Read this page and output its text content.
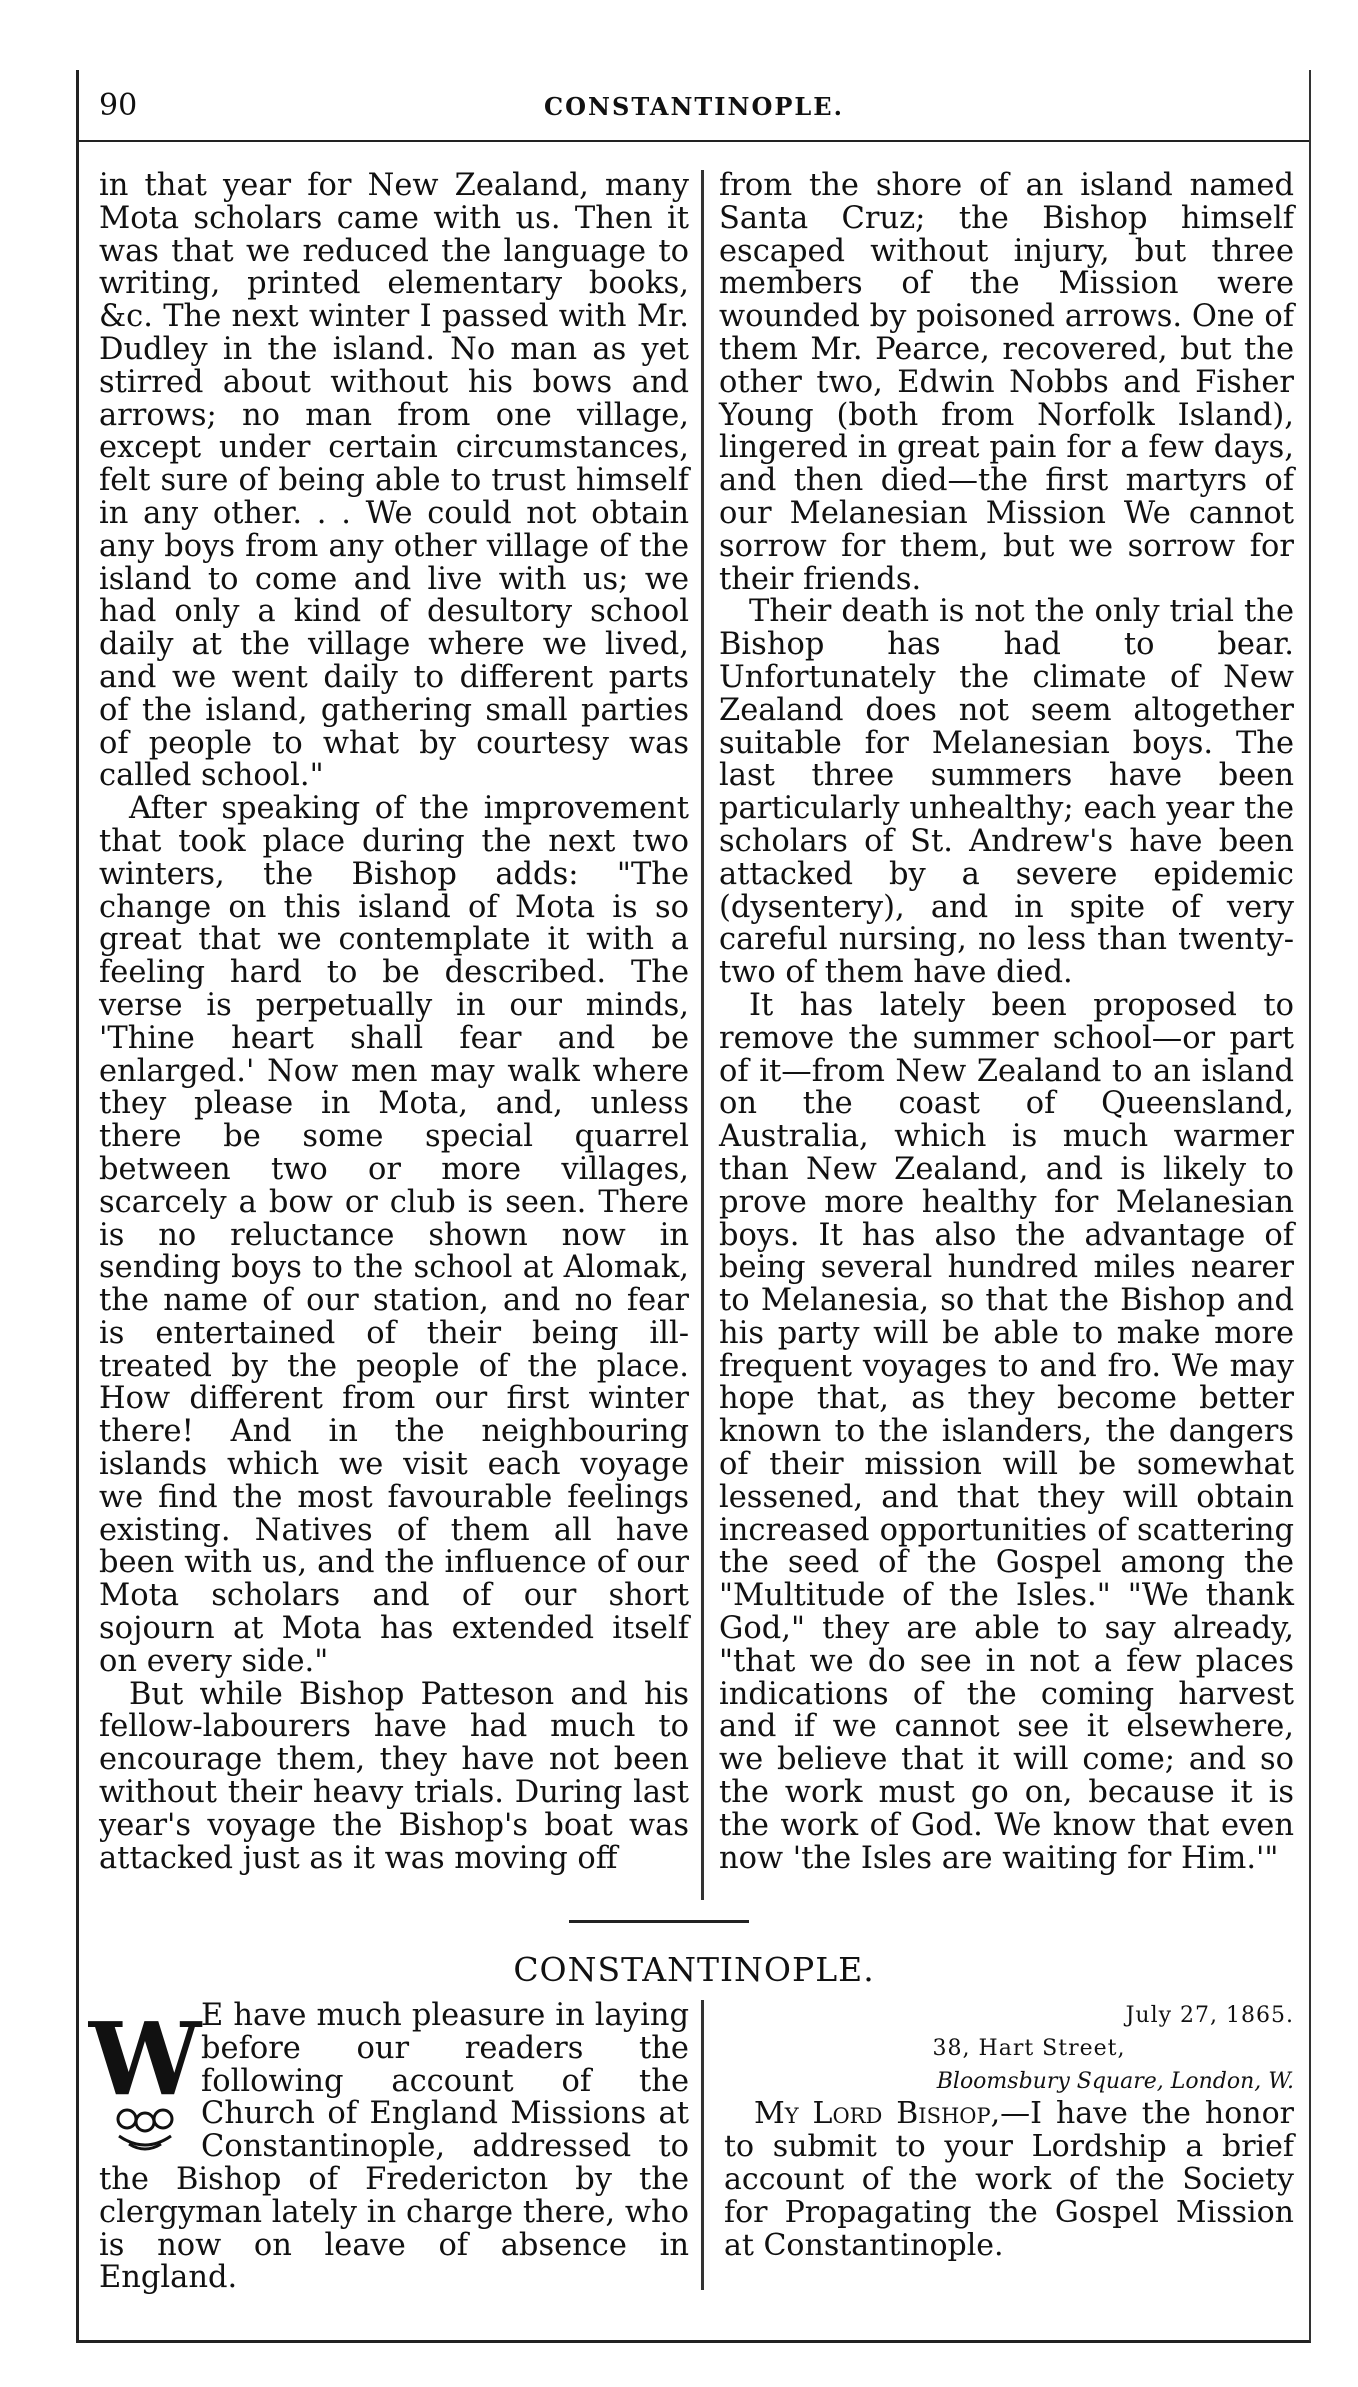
90	CONSTANTINOPLE.

in that year for New Zealand, many Mota scholars came with us. Then it was that we reduced the language to writing, printed elementary books, &c. The next winter I passed with Mr. Dudley in the island. No man as yet stirred about without his bows and arrows; no man from one village, except under certain circumstances, felt sure of being able to trust himself in any other. . . We could not obtain any boys from any other village of the island to come and live with us; we had only a kind of desultory school daily at the village where we lived, and we went daily to different parts of the island, gathering small parties of people to what by courtesy was called school."

After speaking of the improvement that took place during the next two winters, the Bishop adds: "The change on this island of Mota is so great that we contemplate it with a feeling hard to be described. The verse is perpetually in our minds, 'Thine heart shall fear and be enlarged.' Now men may walk where they please in Mota, and, unless there be some special quarrel between two or more villages, scarcely a bow or club is seen. There is no reluctance shown now in sending boys to the school at Alomak, the name of our station, and no fear is entertained of their being ill-treated by the people of the place. How different from our first winter there! And in the neighbouring islands which we visit each voyage we find the most favourable feelings existing. Natives of them all have been with us, and the influence of our Mota scholars and of our short sojourn at Mota has extended itself on every side."

But while Bishop Patteson and his fellow-labourers have had much to encourage them, they have not been without their heavy trials. During last year's voyage the Bishop's boat was attacked just as it was moving off

from the shore of an island named Santa Cruz; the Bishop himself escaped without injury, but three members of the Mission were wounded by poisoned arrows. One of them Mr. Pearce, recovered, but the other two, Edwin Nobbs and Fisher Young (both from Norfolk Island), lingered in great pain for a few days, and then died—the first martyrs of our Melanesian Mission We cannot sorrow for them, but we sorrow for their friends.

Their death is not the only trial the Bishop has had to bear. Unfortunately the climate of New Zealand does not seem altogether suitable for Melanesian boys. The last three summers have been particularly unhealthy; each year the scholars of St. Andrew's have been attacked by a severe epidemic (dysentery), and in spite of very careful nursing, no less than twenty-two of them have died.

It has lately been proposed to remove the summer school—or part of it—from New Zealand to an island on the coast of Queensland, Australia, which is much warmer than New Zealand, and is likely to prove more healthy for Melanesian boys. It has also the advantage of being several hundred miles nearer to Melanesia, so that the Bishop and his party will be able to make more frequent voyages to and fro. We may hope that, as they become better known to the islanders, the dangers of their mission will be somewhat lessened, and that they will obtain increased opportunities of scattering the seed of the Gospel among the "Multitude of the Isles." "We thank God," they are able to say already, "that we do see in not a few places indications of the coming harvest and if we cannot see it elsewhere, we believe that it will come; and so the work must go on, because it is the work of God. We know that even now 'the Isles are waiting for Him.'"

CONSTANTINOPLE.
W E have much pleasure in laying before our readers the following account of the Church of England Missions at Constantinople, addressed to the Bishop of Fredericton by the clergyman lately in charge there, who is now on leave of absence in England.
July 27, 1865.
38, Hart Street,
Bloomsbury Square, London, W.
My Lord Bishop,—I have the honor to submit to your Lordship a brief account of the work of the Society for Propagating the Gospel Mission at Constantinople.
